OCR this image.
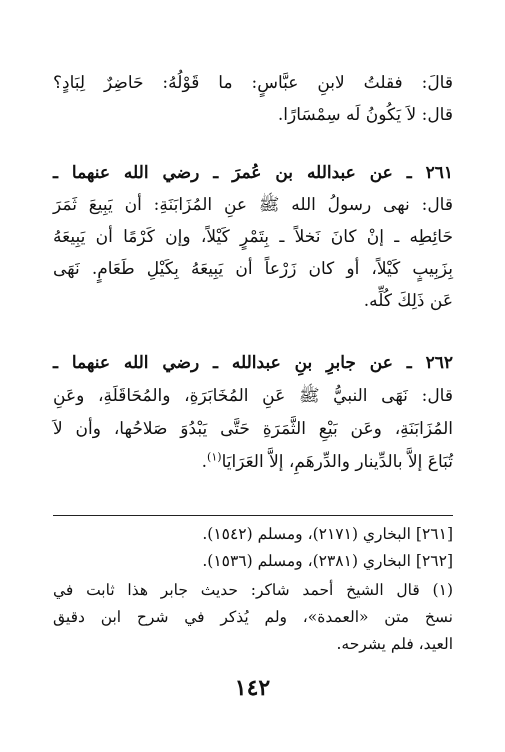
قالَ: فقلتُ لابنِ عبَّاسٍ: ما قَوْلُهُ: حَاضِرٌ لِبَادٍ؟
قال: لاَ يَكُونُ لَه سِمْسَارًا.
٢٦١ ـ عن عبدالله بن عُمرَ ـ رضي الله عنهما ـ
قال: نهى رسولُ الله ﷺ عنِ المُزَابَنَةِ: أن يَبِيعَ ثَمَرَ
حَائِطِه ـ إنْ كانَ نَخلاً ـ بِتَمْرٍ كَيْلاً، وإن كَرْمًا أن يَبِيعَهُ
بِزَبِيبٍ كَيْلاً، أو كان زَرْعاً أن يَبِيعَهُ بِكَيْلِ طَعَامٍ. نَهَى
عَن ذَلِكَ كُلِّه.
٢٦٢ ـ عن جابرِ بنِ عبدالله ـ رضي الله عنهما ـ
قال: نَهَى النبيُّ ﷺ عَنِ المُخَابَرَةِ، والمُحَاقَلَةِ، وعَنِ
المُزَابَنَةِ، وعَن بَيْعِ الثَّمَرَةِ حَتَّى يَبْدُوَ صَلاحُها، وأن لاَ
تُبَاعَ إلاَّ بالدِّينار والدِّرهَمِ، إلاَّ العَرَايَا$^{(١)}$.
[٢٦١] البخاري (٢١٧١)، ومسلم (١٥٤٢).
[٢٦٢] البخاري (٢٣٨١)، ومسلم (١٥٣٦).
(١) قال الشيخ أحمد شاكر: حديث جابر هذا ثابت في
نسخ متن «العمدة»، ولم يُذكر في شرح ابن دقيق
العيد، فلم يشرحه.
١٤٢
